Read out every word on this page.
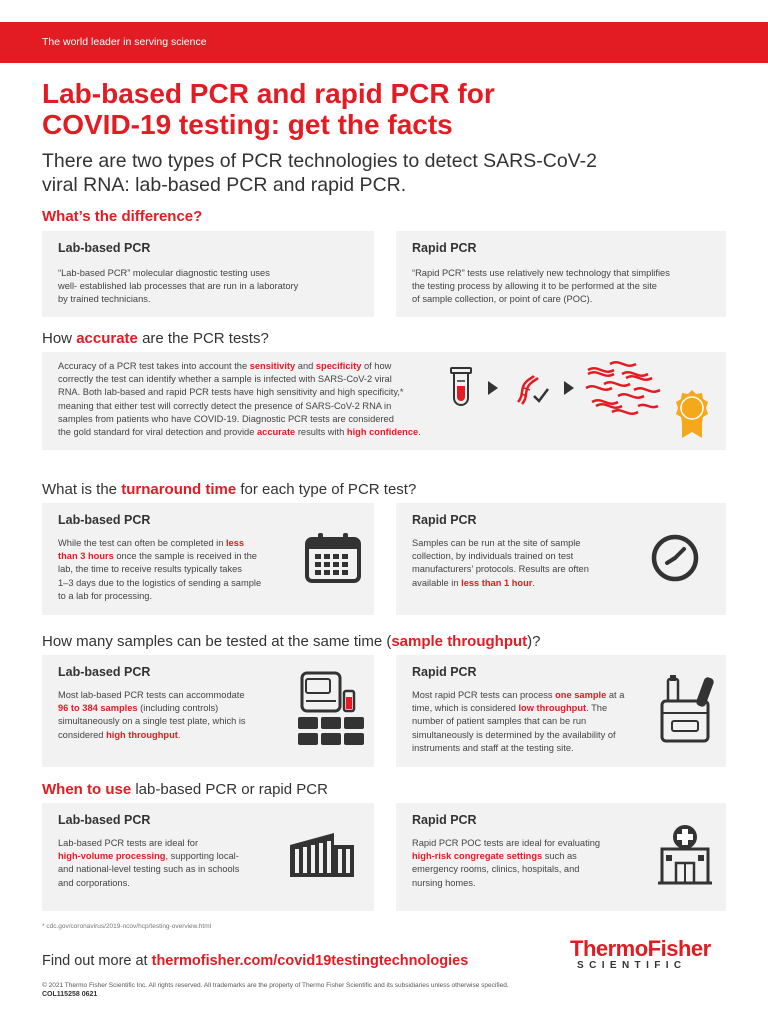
The world leader in serving science
Lab-based PCR and rapid PCR for
COVID-19 testing: get the facts
There are two types of PCR technologies to detect SARS-CoV-2
viral RNA: lab-based PCR and rapid PCR.
What’s the difference?
Lab-based PCR

“Lab-based PCR” molecular diagnostic testing uses
well- established lab processes that are run in a laboratory
by trained technicians.

Rapid PCR

“Rapid PCR” tests use relatively new technology that simplifies
the testing process by allowing it to be performed at the site
of sample collection, or point of care (POC).

How accurate are the PCR tests?

Accuracy of a PCR test takes into account the sensitivity and specificity of how
correctly the test can identify whether a sample is infected with SARS-CoV-2 viral
RNA. Both lab-based and rapid PCR tests have high sensitivity and high specificity,*
meaning that either test will correctly detect the presence of SARS-CoV-2 RNA in
samples from patients who have COVID-19. Diagnostic PCR tests are considered
the gold standard for viral detection and provide accurate results with high confidence.

What is the turnaround time for each type of PCR test?
Lab-based PCR

While the test can often be completed in less
than 3 hours once the sample is received in the
lab, the time to receive results typically takes
1–3 days due to the logistics of sending a sample
to a lab for processing.

Rapid PCR

Samples can be run at the site of sample
collection, by individuals trained on test
manufacturers’ protocols. Results are often
available in less than 1 hour.

How many samples can be tested at the same time (sample throughput)?
Lab-based PCR

Most lab-based PCR tests can accommodate
96 to 384 samples (including controls)
simultaneously on a single test plate, which is
considered high throughput.

Rapid PCR

Most rapid PCR tests can process one sample at a
time, which is considered low throughput. The
number of patient samples that can be run
simultaneously is determined by the availability of
instruments and staff at the testing site.

When to use lab-based PCR or rapid PCR
Lab-based PCR

Lab-based PCR tests are ideal for
high-volume processing, supporting local-
and national-level testing such as in schools
and corporations.

Rapid PCR

Rapid PCR POC tests are ideal for evaluating
high-risk congregate settings such as
emergency rooms, clinics, hospitals, and
nursing homes.

* cdc.gov/coronavirus/2019-ncov/hcp/testing-overview.html
Find out more at thermofisher.com/covid19testingtechnologies
© 2021 Thermo Fisher Scientific Inc. All rights reserved. All trademarks are the property of Thermo Fisher Scientific and its subsidiaries unless otherwise specified.
COL115258 0621
ThermoFisher
SCIENTIFIC
